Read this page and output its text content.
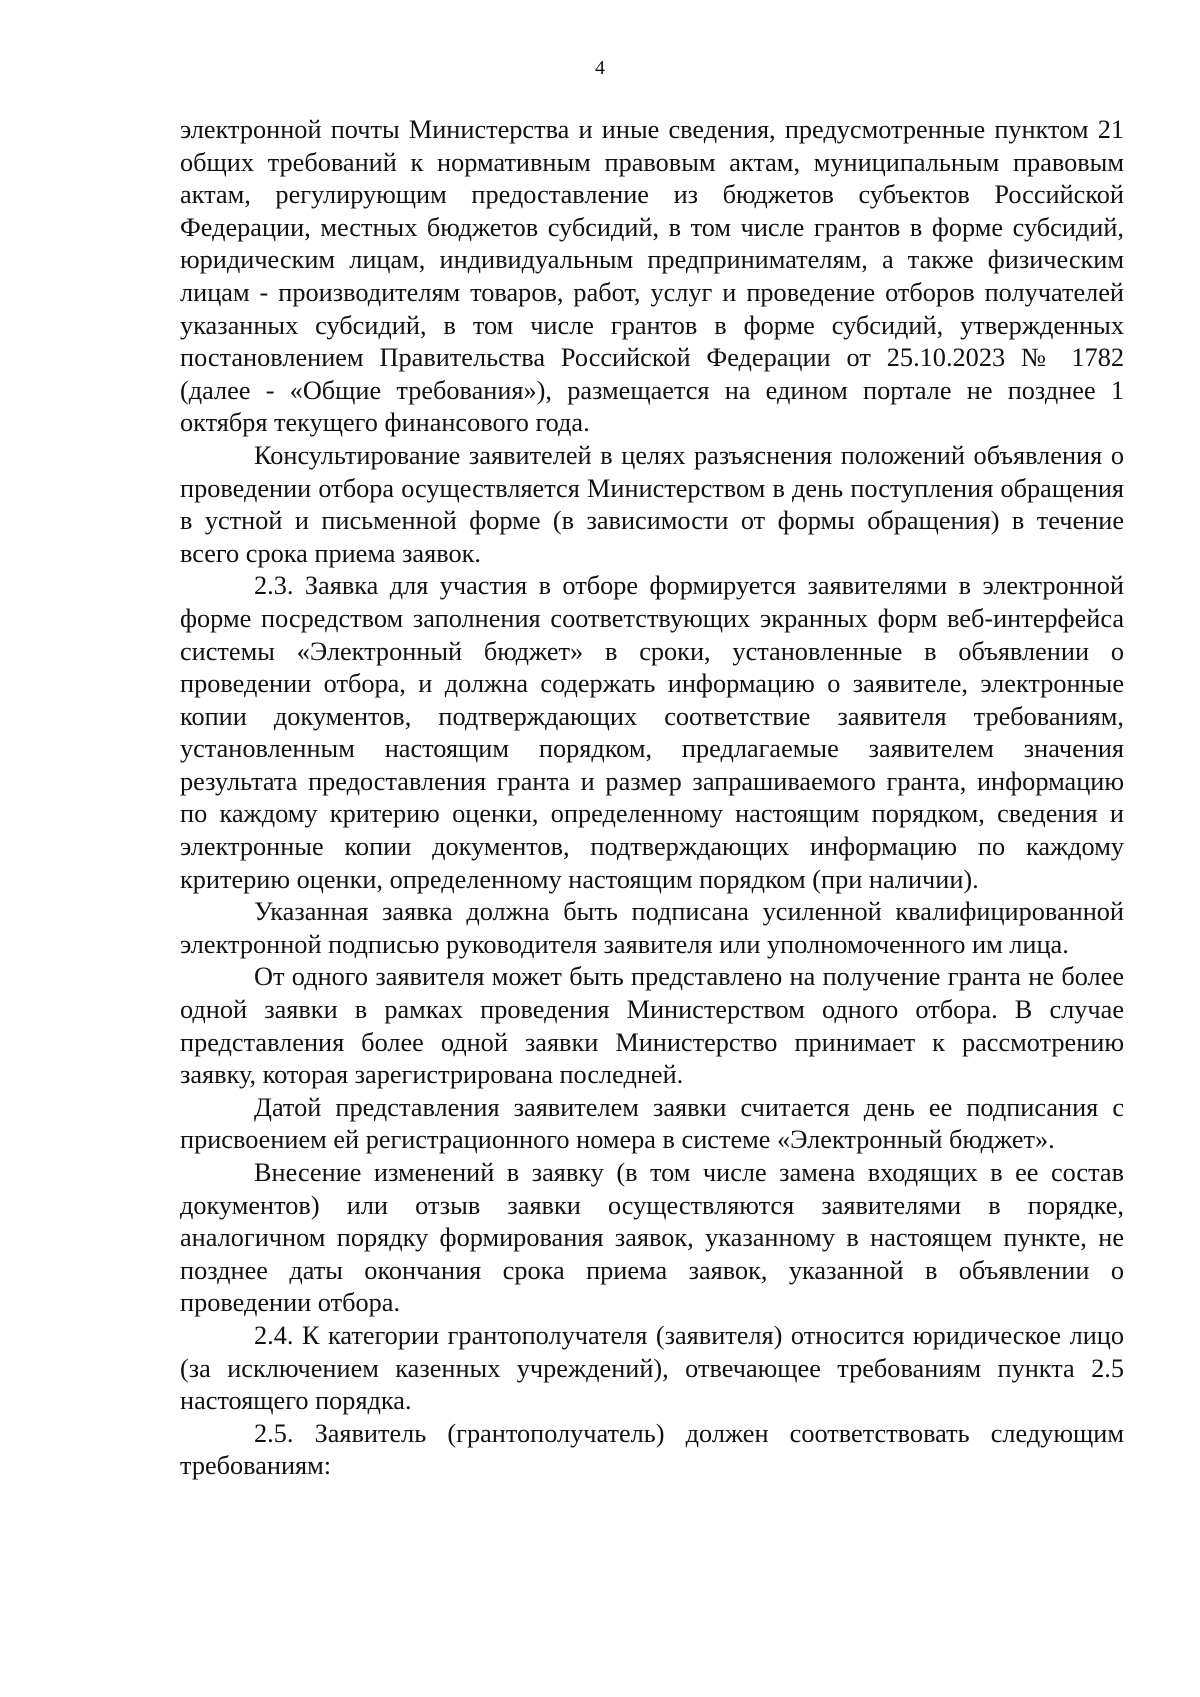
4

электронной почты Министерства и иные сведения, предусмотренные пунктом 21 общих требований к нормативным правовым актам, муниципальным правовым актам, регулирующим предоставление из бюджетов субъектов Российской Федерации, местных бюджетов субсидий, в том числе грантов в форме субсидий, юридическим лицам, индивидуальным предпринимателям, а также физическим лицам - производителям товаров, работ, услуг и проведение отборов получателей указанных субсидий, в том числе грантов в форме субсидий, утвержденных постановлением Правительства Российской Федерации от 25.10.2023 № 1782 (далее - «Общие требования»), размещается на едином портале не позднее 1 октября текущего финансового года.

Консультирование заявителей в целях разъяснения положений объявления о проведении отбора осуществляется Министерством в день поступления обращения в устной и письменной форме (в зависимости от формы обращения) в течение всего срока приема заявок.

2.3. Заявка для участия в отборе формируется заявителями в электронной форме посредством заполнения соответствующих экранных форм веб-интерфейса системы «Электронный бюджет» в сроки, установленные в объявлении о проведении отбора, и должна содержать информацию о заявителе, электронные копии документов, подтверждающих соответствие заявителя требованиям, установленным настоящим порядком, предлагаемые заявителем значения результата предоставления гранта и размер запрашиваемого гранта, информацию по каждому критерию оценки, определенному настоящим порядком, сведения и электронные копии документов, подтверждающих информацию по каждому критерию оценки, определенному настоящим порядком (при наличии).

Указанная заявка должна быть подписана усиленной квалифицированной электронной подписью руководителя заявителя или уполномоченного им лица.

От одного заявителя может быть представлено на получение гранта не более одной заявки в рамках проведения Министерством одного отбора. В случае представления более одной заявки Министерство принимает к рассмотрению заявку, которая зарегистрирована последней.

Датой представления заявителем заявки считается день ее подписания с присвоением ей регистрационного номера в системе «Электронный бюджет».

Внесение изменений в заявку (в том числе замена входящих в ее состав документов) или отзыв заявки осуществляются заявителями в порядке, аналогичном порядку формирования заявок, указанному в настоящем пункте, не позднее даты окончания срока приема заявок, указанной в объявлении о проведении отбора.

2.4. К категории грантополучателя (заявителя) относится юридическое лицо (за исключением казенных учреждений), отвечающее требованиям пункта 2.5 настоящего порядка.

2.5. Заявитель (грантополучатель) должен соответствовать следующим требованиям:
